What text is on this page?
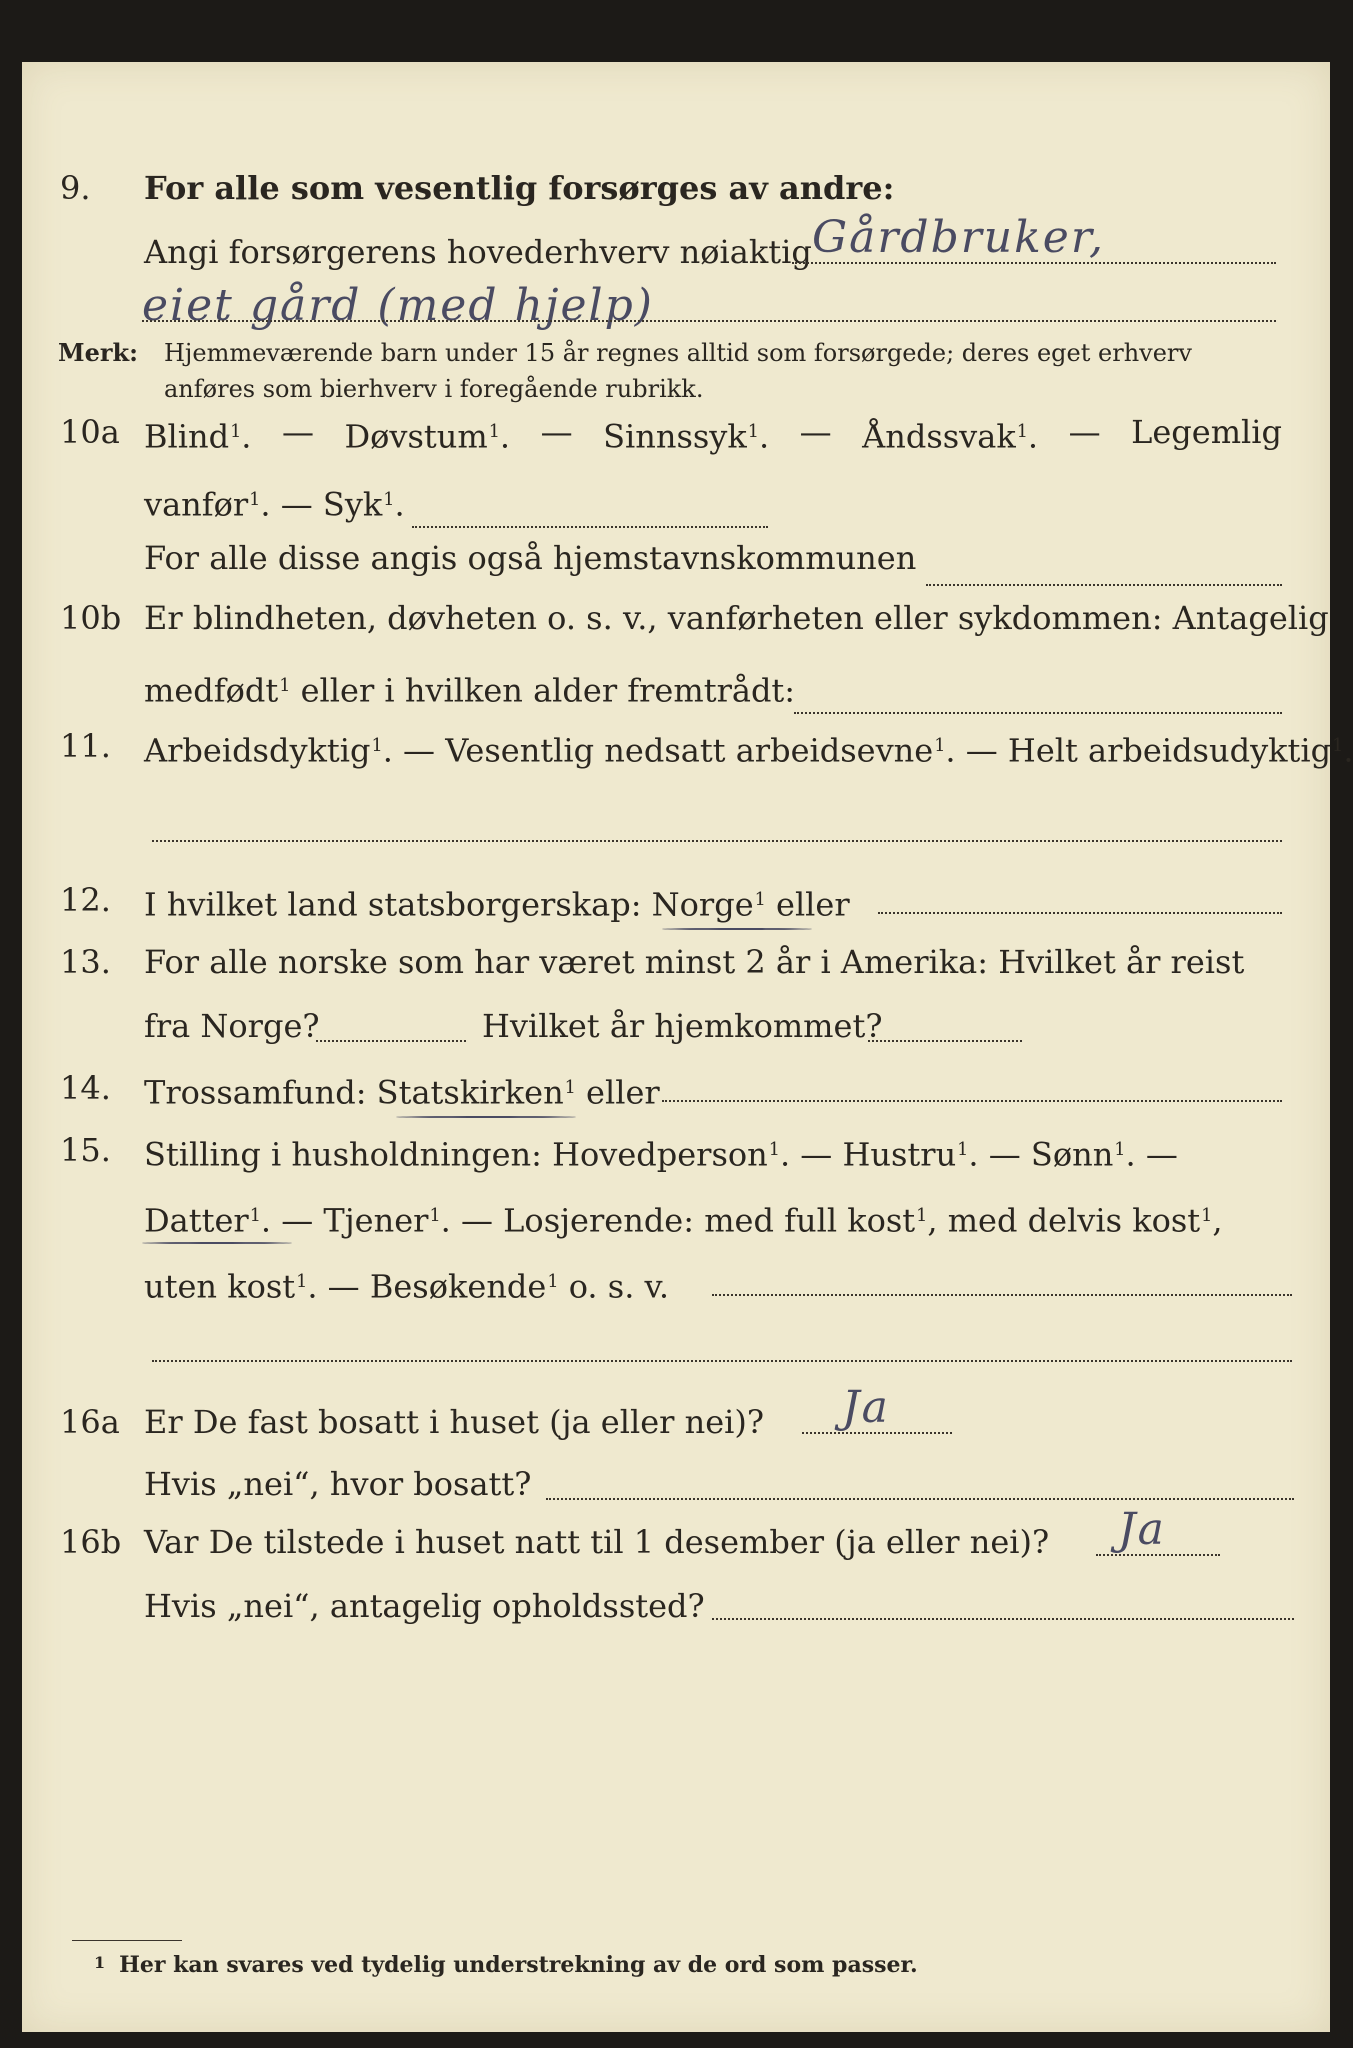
9. For alle som vesentlig forsørges av andre:
Angi forsørgerens hovederhverv nøiaktig Gårdbruker,
eiet gård (med hjelp)
Merk: Hjemmeværende barn under 15 år regnes alltid som forsørgede; deres eget erhverv
anføres som bierhverv i foregående rubrikk.
10a Blind$^1$. — Døvstum$^1$. — Sinnssyk$^1$. — Åndssvak$^1$. — Legemlig
vanfør$^1$. — Syk$^1$.
For alle disse angis også hjemstavnskommunen
10b Er blindheten, døvheten o. s. v., vanførheten eller sykdommen: Antagelig
medfødt$^1$ eller i hvilken alder fremtrådt:
11. Arbeidsdyktig$^1$. — Vesentlig nedsatt arbeidsevne$^1$. — Helt arbeidsudyktig$^1$.
12. I hvilket land statsborgerskap: Norge$^1$ eller
13. For alle norske som har været minst 2 år i Amerika: Hvilket år reist
fra Norge?	Hvilket år hjemkommet?
14. Trossamfund: Statskirken$^1$ eller
15. Stilling i husholdningen: Hovedperson$^1$. — Hustru$^1$. — Sønn$^1$. —
Datter$^1$. — Tjener$^1$. — Losjerende: med full kost$^1$, med delvis kost$^1$,
uten kost$^1$. — Besøkende$^1$ o. s. v.
16a Er De fast bosatt i huset (ja eller nei)? Ja
Hvis „nei“, hvor bosatt?
16b Var De tilstede i huset natt til 1 desember (ja eller nei)? Ja
Hvis „nei“, antagelig opholdssted?
1 Her kan svares ved tydelig understrekning av de ord som passer.
